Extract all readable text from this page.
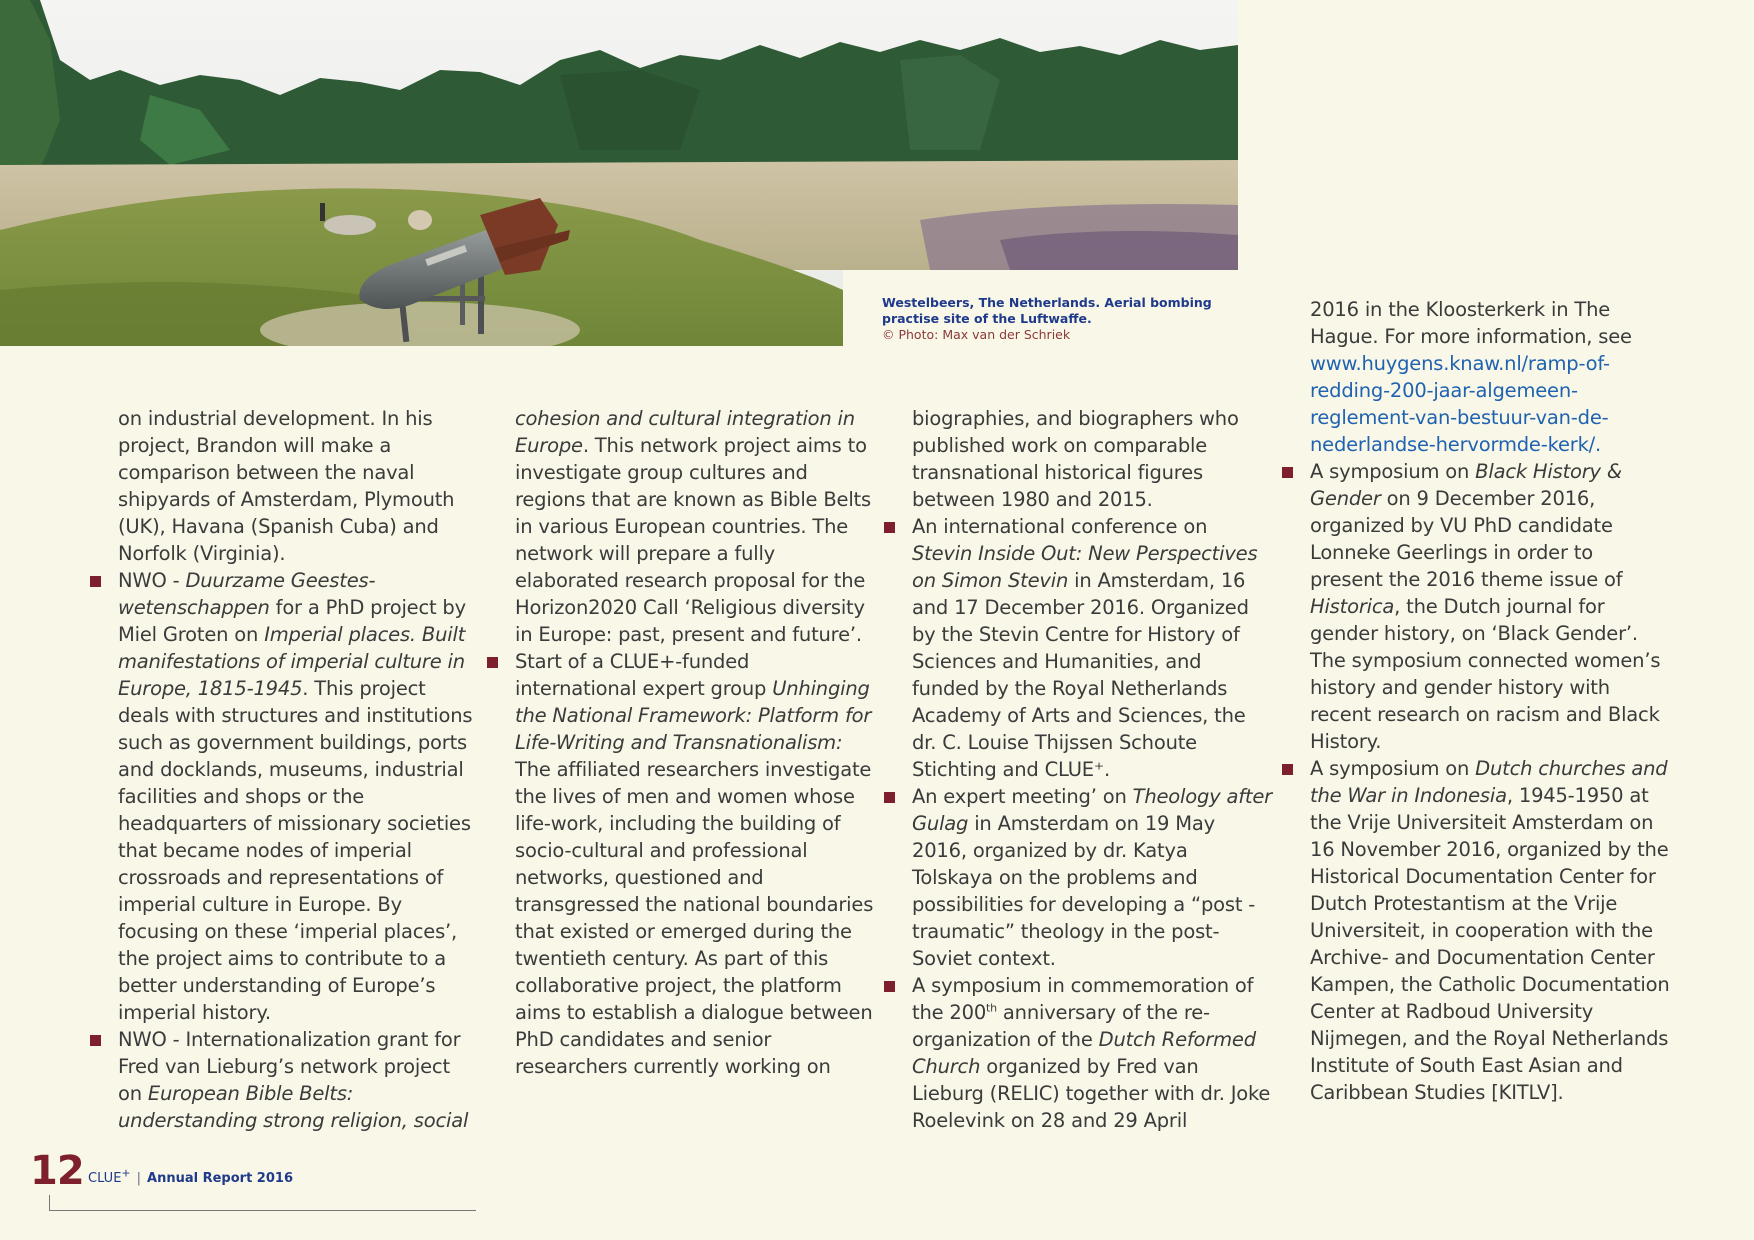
Westelbeers, The Netherlands. Aerial bombing
practise site of the Luftwaffe.
© Photo: Max van der Schriek

on industrial development. In his project, Brandon will make a comparison between the naval shipyards of Amsterdam, Plymouth (UK), Havana (Spanish Cuba) and Norfolk (Virginia).

NWO - Duurzame Geestes-wetenschappen for a PhD project by Miel Groten on Imperial places. Built manifestations of imperial culture in Europe, 1815-1945. This project deals with structures and institutions such as government buildings, ports and docklands, museums, industrial facilities and shops or the headquarters of missionary societies that became nodes of imperial crossroads and representations of imperial culture in Europe. By focusing on these ‘imperial places’, the project aims to contribute to a better understanding of Europe’s imperial history.
NWO - Internationalization grant for Fred van Lieburg’s network project on European Bible Belts: understanding strong religion, social

cohesion and cultural integration in Europe. This network project aims to investigate group cultures and regions that are known as Bible Belts in various European countries. The network will prepare a fully elaborated research proposal for the Horizon2020 Call ‘Religious diversity in Europe: past, present and future’.

Start of a CLUE+-funded international expert group Unhinging the National Framework: Platform for Life-Writing and Transnationalism: The affiliated researchers investigate the lives of men and women whose life-work, including the building of socio-cultural and professional networks, questioned and transgressed the national boundaries that existed or emerged during the twentieth century. As part of this collaborative project, the platform aims to establish a dialogue between PhD candidates and senior researchers currently working on

biographies, and biographers who published work on comparable transnational historical figures between 1980 and 2015.

An international conference on Stevin Inside Out: New Perspectives on Simon Stevin in Amsterdam, 16 and 17 December 2016. Organized by the Stevin Centre for History of Sciences and Humanities, and funded by the Royal Netherlands Academy of Arts and Sciences, the dr. C. Louise Thijssen Schoute Stichting and CLUE⁺.
An expert meeting’ on Theology after Gulag in Amsterdam on 19 May 2016, organized by dr. Katya Tolskaya on the problems and possibilities for developing a “post -traumatic” theology in the post-Soviet context.
A symposium in commemoration of the 200th anniversary of the re-organization of the Dutch Reformed Church organized by Fred van Lieburg (RELIC) together with dr. Joke Roelevink on 28 and 29 April

2016 in the Kloosterkerk in The Hague. For more information, see www.huygens.knaw.nl/ramp-of-redding-200-jaar-algemeen-reglement-van-bestuur-van-de-nederlandse-hervormde-kerk/.

A symposium on Black History & Gender on 9 December 2016, organized by VU PhD candidate Lonneke Geerlings in order to present the 2016 theme issue of Historica, the Dutch journal for gender history, on ‘Black Gender’. The symposium connected women’s history and gender history with recent research on racism and Black History.
A symposium on Dutch churches and the War in Indonesia, 1945-1950 at the Vrije Universiteit Amsterdam on 16 November 2016, organized by the Historical Documentation Center for Dutch Protestantism at the Vrije Universiteit, in cooperation with the Archive- and Documentation Center Kampen, the Catholic Documentation Center at Radboud University Nijmegen, and the Royal Netherlands Institute of South East Asian and Caribbean Studies [KITLV].
12 CLUE+ | Annual Report 2016
